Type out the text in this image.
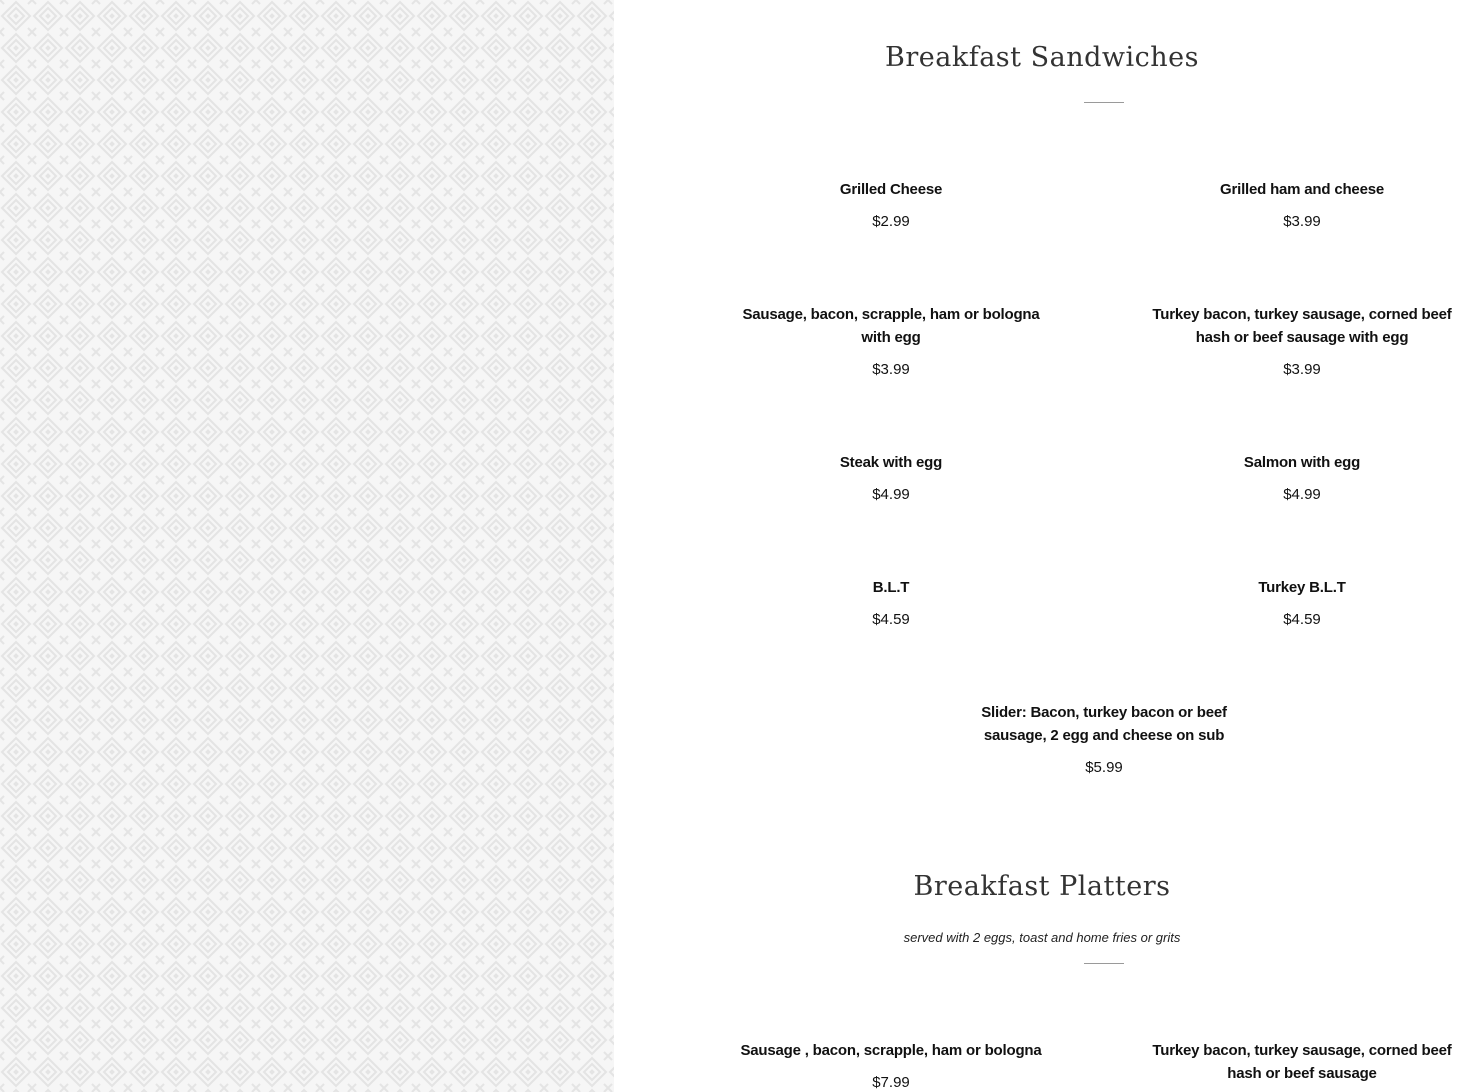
Breakfast Sandwiches
Grilled Cheese
$2.99
Grilled ham and cheese
$3.99
Sausage, bacon, scrapple, ham or bologna with egg
$3.99
Turkey bacon, turkey sausage, corned beef hash or beef sausage with egg
$3.99
Steak with egg
$4.99
Salmon with egg
$4.99
B.L.T
$4.59
Turkey B.L.T
$4.59
Slider: Bacon, turkey bacon or beef sausage, 2 egg and cheese on sub
$5.99
Breakfast Platters
served with 2 eggs, toast and home fries or grits
Sausage , bacon, scrapple, ham or bologna
$7.99
Turkey bacon, turkey sausage, corned beef hash or beef sausage
